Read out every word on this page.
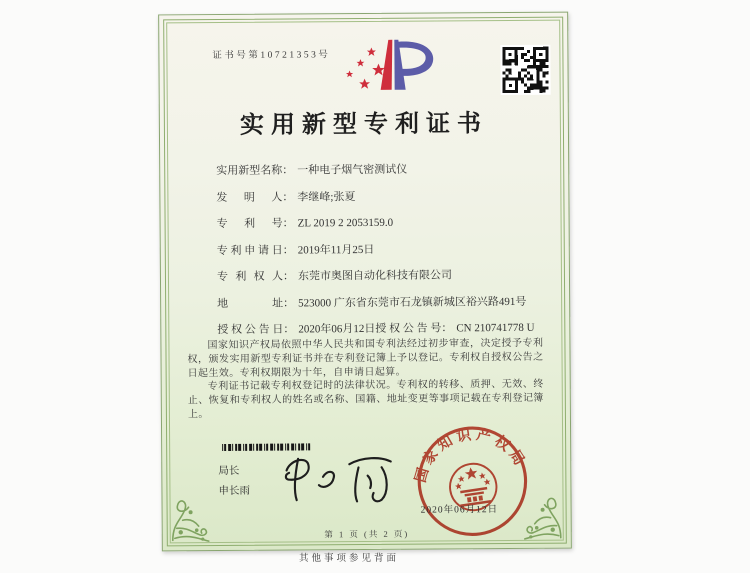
证书号第10721353号
实用新型专利证书
实用新型名称： 一种电子烟气密测试仪
发明人： 李继峰;张夏
专利号： ZL 2019 2 2053159.0
专利申请日： 2019年11月25日
专利权人： 东莞市奥图自动化科技有限公司
地址： 523000 广东省东莞市石龙镇新城区裕兴路491号
授权公告日： 2020年06月12日 授权公告号： CN 210741778 U

国家知识产权局依照中华人民共和国专利法经过初步审查，决定授予专利权，颁发实用新型专利证书并在专利登记簿上予以登记。专利权自授权公告之日起生效。专利权期限为十年，自申请日起算。

专利证书记载专利权登记时的法律状况。专利权的转移、质押、无效、终止、恢复和专利权人的姓名或名称、国籍、地址变更等事项记载在专利登记簿上。

局长
申长雨
国家知识产权局
2020年06月12日
第 1 页 (共 2 页)
其他事项参见背面
